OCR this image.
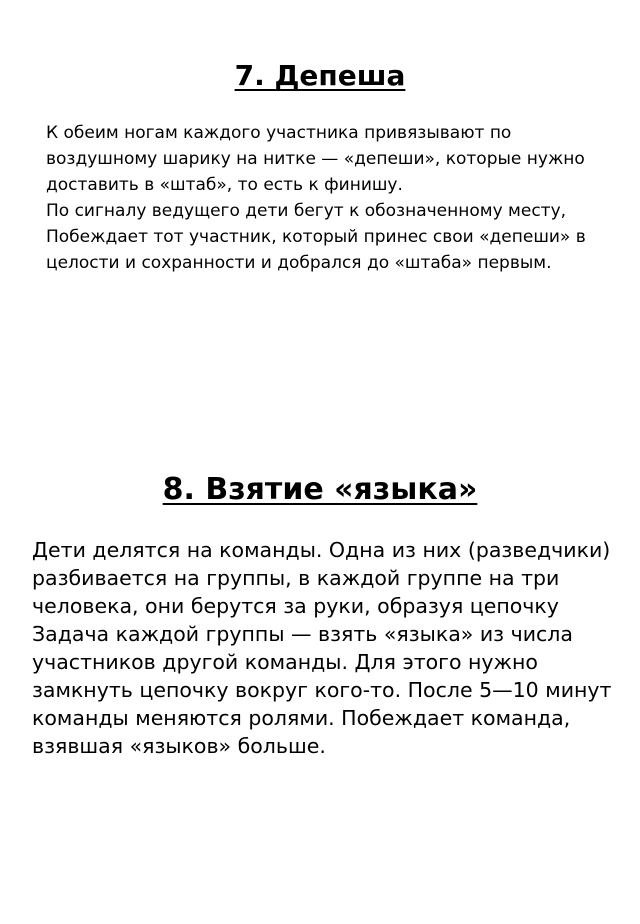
7. Депеша

К обеим ногам каждого участника привязывают по воздушному шарику на нитке — «депеши», которые нужно доставить в «штаб», то есть к финишу.

По сигналу ведущего дети бегут к обозначенному месту, Побеждает тот участник, который принес свои «депеши» в целости и сохранности и добрался до «штаба» первым.

8. Взятие «языка»

Дети делятся на команды. Одна из них (разведчики) разбивается на группы, в каждой группе на три человека, они берутся за руки, образуя цепочку

Задача каждой группы — взять «языка» из числа участников другой команды. Для этого нужно замкнуть цепочку вокруг кого-то. После 5—10 минут команды меняются ролями. Побеждает команда, взявшая «языков» больше.
